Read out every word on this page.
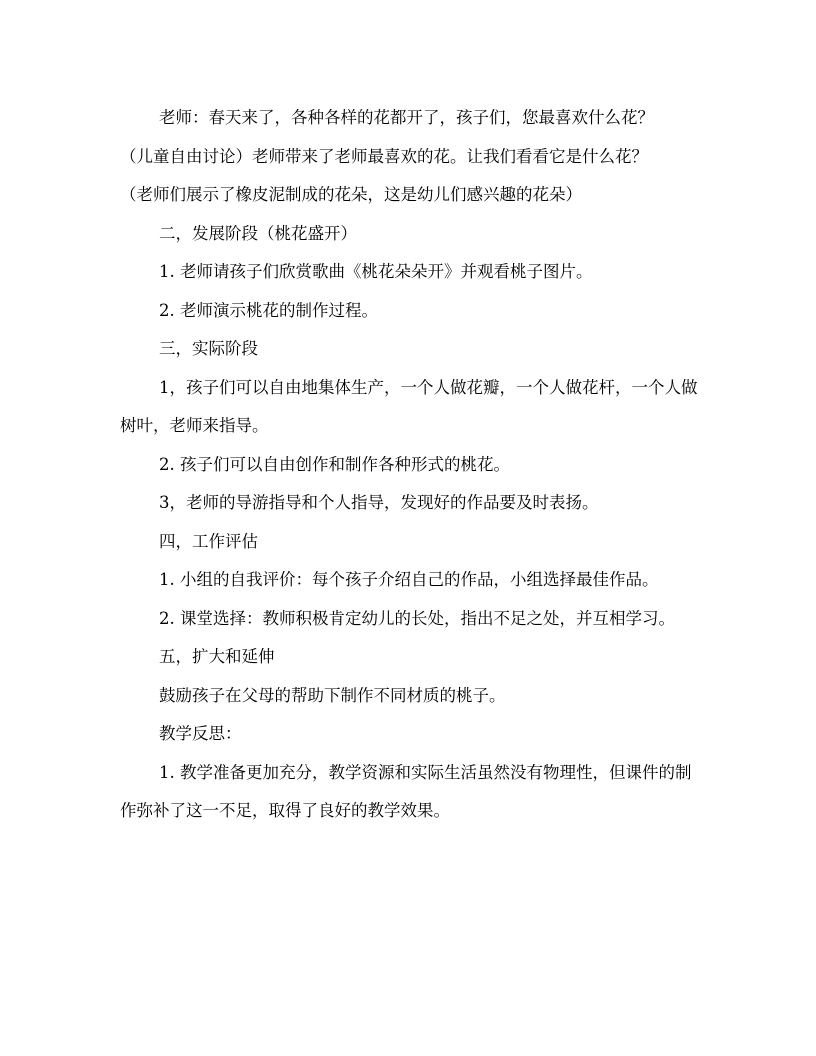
老师：春天来了，各种各样的花都开了，孩子们，您最喜欢什么花？

（儿童自由讨论）老师带来了老师最喜欢的花。让我们看看它是什么花？

（老师们展示了橡皮泥制成的花朵，这是幼儿们感兴趣的花朵）

二，发展阶段（桃花盛开）

1. 老师请孩子们欣赏歌曲《桃花朵朵开》并观看桃子图片。

2. 老师演示桃花的制作过程。

三，实际阶段

1，孩子们可以自由地集体生产，一个人做花瓣，一个人做花杆，一个人做树叶，老师来指导。

2. 孩子们可以自由创作和制作各种形式的桃花。

3，老师的导游指导和个人指导，发现好的作品要及时表扬。

四，工作评估

1. 小组的自我评价：每个孩子介绍自己的作品，小组选择最佳作品。

2. 课堂选择：教师积极肯定幼儿的长处，指出不足之处，并互相学习。

五，扩大和延伸

鼓励孩子在父母的帮助下制作不同材质的桃子。

教学反思：

1. 教学准备更加充分，教学资源和实际生活虽然没有物理性，但课件的制作弥补了这一不足，取得了良好的教学效果。
